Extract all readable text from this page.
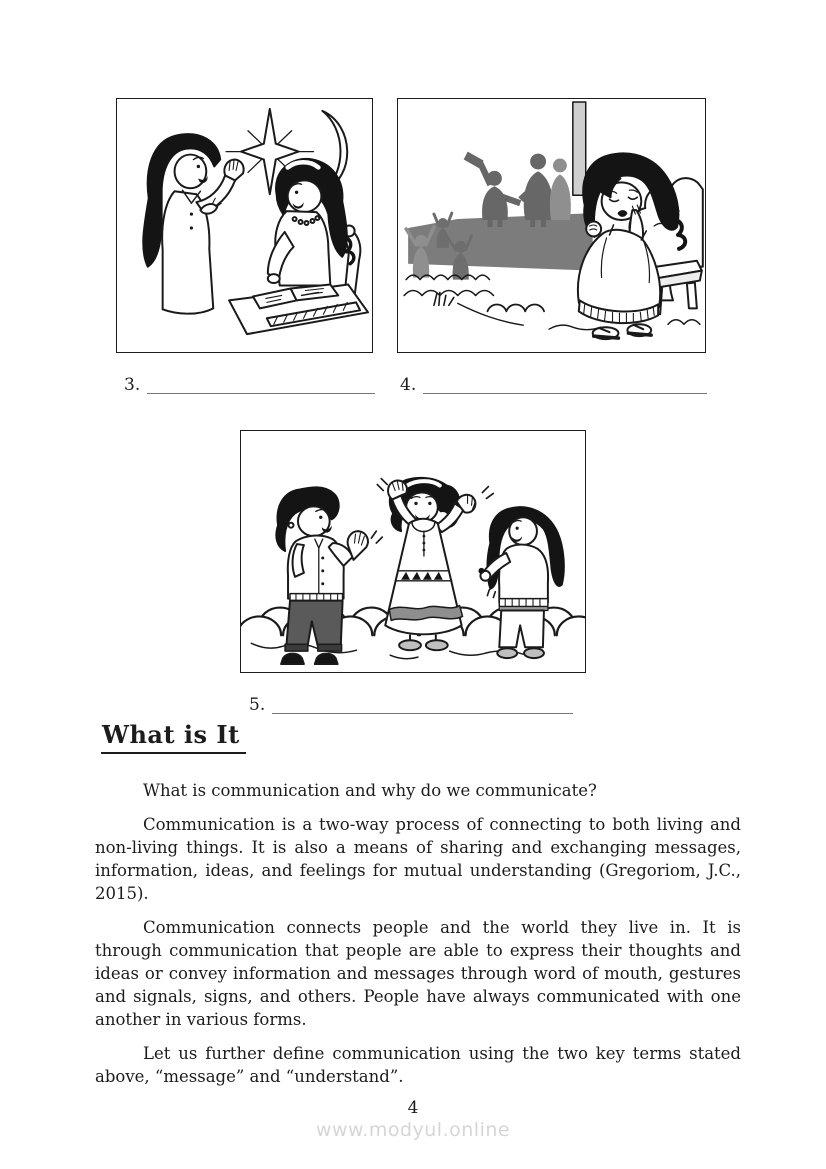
3.	4.
5.
What is It

What is communication and why do we communicate?

Communication is a two-way process of connecting to both living and non-living things. It is also a means of sharing and exchanging messages, information, ideas, and feelings for mutual understanding (Gregoriom, J.C., 2015).

Communication connects people and the world they live in. It is through communication that people are able to express their thoughts and ideas or convey information and messages through word of mouth, gestures and signals, signs, and others. People have always communicated with one another in various forms.

Let us further define communication using the two key terms stated above, “message” and “understand”.

4
www.modyul.online
